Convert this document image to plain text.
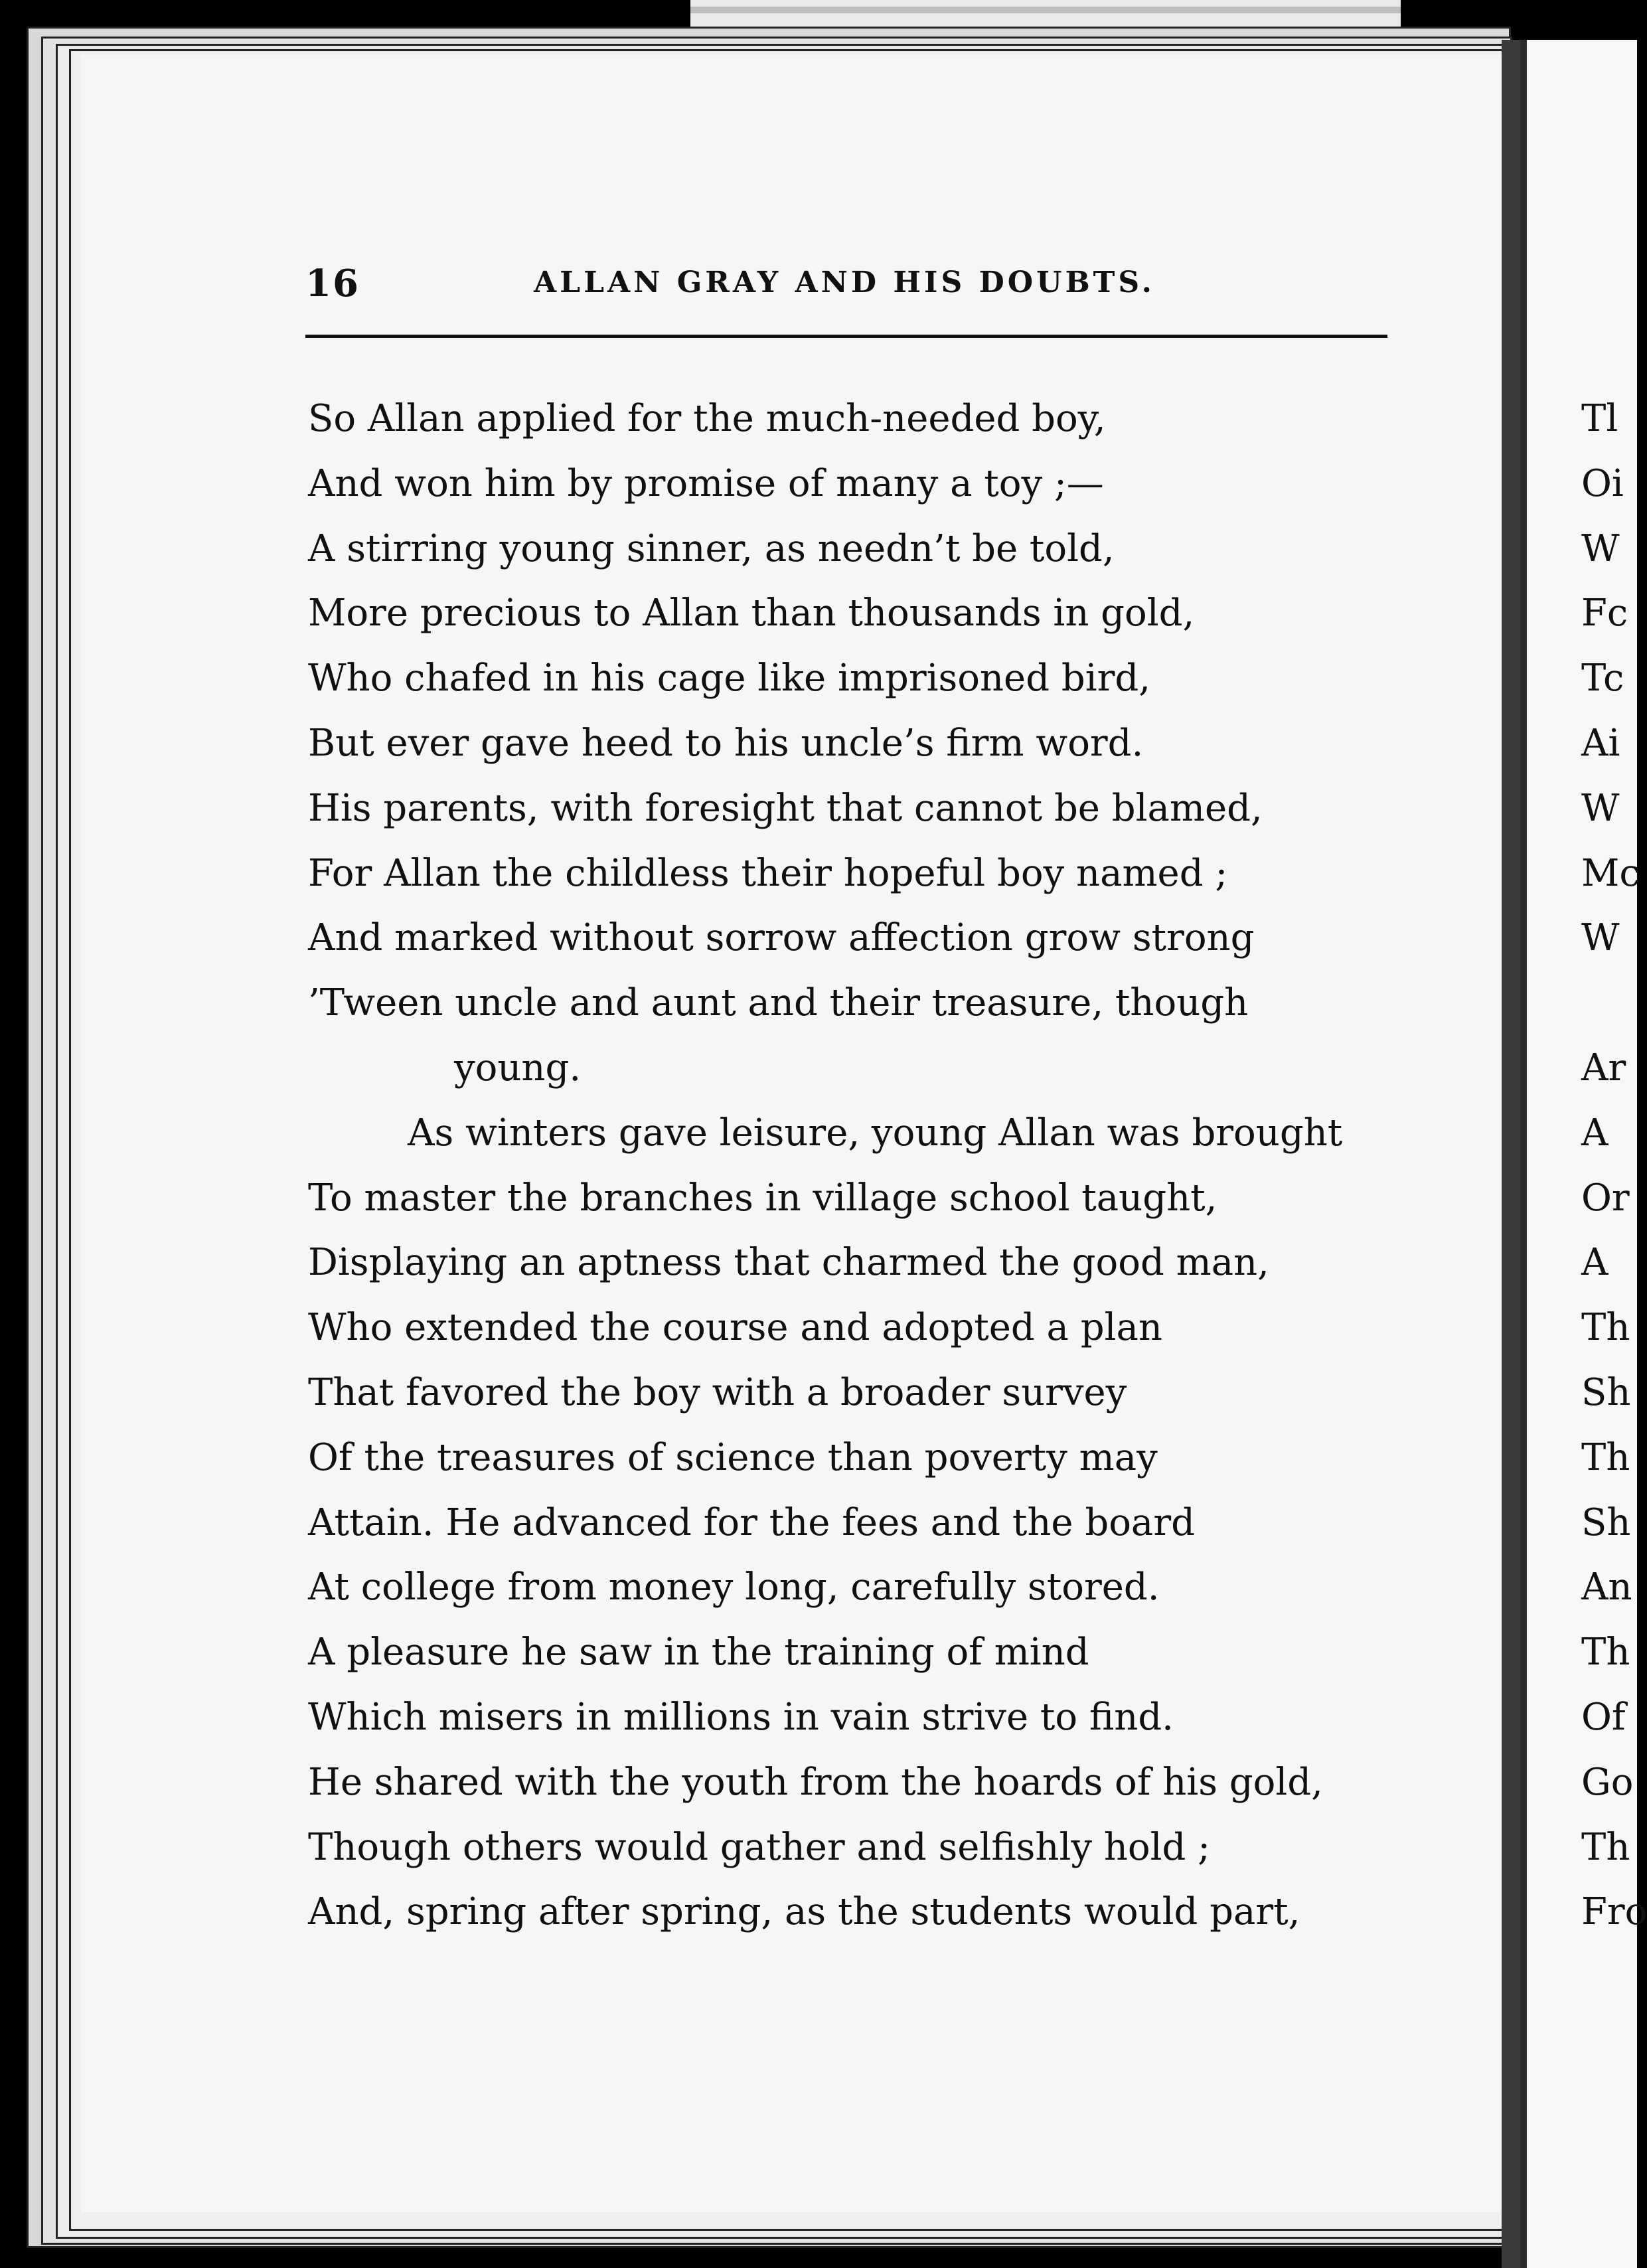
16	ALLAN GRAY AND HIS DOUBTS.
So Allan applied for the much-needed boy,
And won him by promise of many a toy ;—
A stirring young sinner, as needn’t be told,
More precious to Allan than thousands in gold,
Who chafed in his cage like imprisoned bird,
But ever gave heed to his uncle’s firm word.
His parents, with foresight that cannot be blamed,
For Allan the childless their hopeful boy named ;
And marked without sorrow affection grow strong
’Tween uncle and aunt and their treasure, though
young.
As winters gave leisure, young Allan was brought
To master the branches in village school taught,
Displaying an aptness that charmed the good man,
Who extended the course and adopted a plan
That favored the boy with a broader survey
Of the treasures of science than poverty may
Attain. He advanced for the fees and the board
At college from money long, carefully stored.
A pleasure he saw in the training of mind
Which misers in millions in vain strive to find.
He shared with the youth from the hoards of his gold,
Though others would gather and selfishly hold ;
And, spring after spring, as the students would part,
Tl
Oi
W
Fc
Tc
Ai
W
Mc
W
Ar
A
Or
A
Th
Sh
Th
Sh
An
Th
Of
Go
Th
Fro
